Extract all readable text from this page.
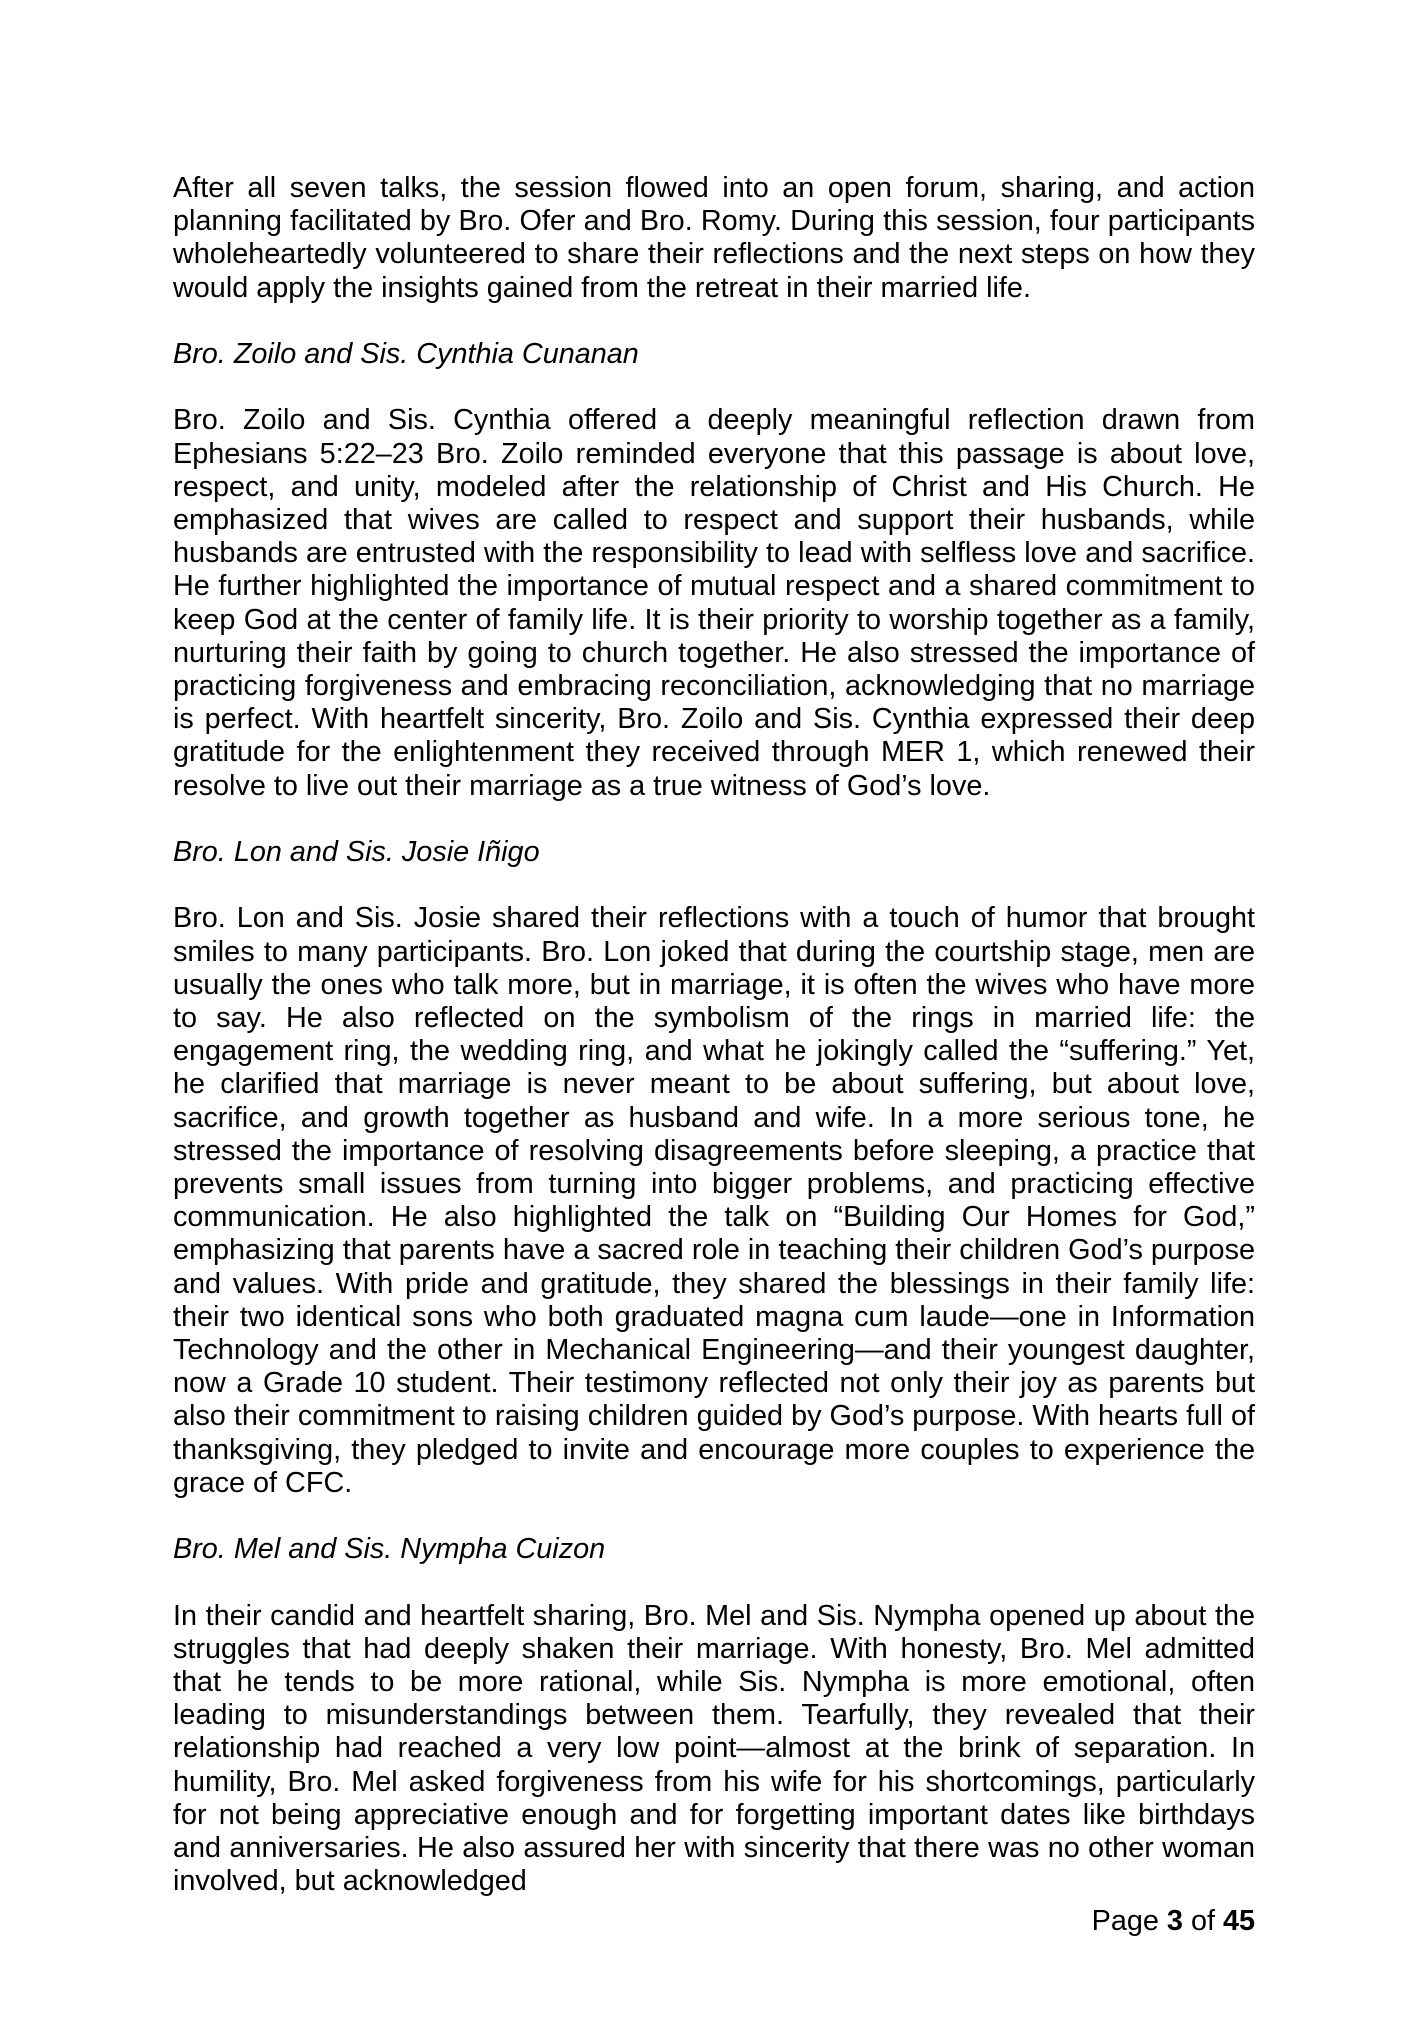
After all seven talks, the session flowed into an open forum, sharing, and action planning facilitated by Bro. Ofer and Bro. Romy. During this session, four participants wholeheartedly volunteered to share their reflections and the next steps on how they would apply the insights gained from the retreat in their married life.

Bro. Zoilo and Sis. Cynthia Cunanan

Bro. Zoilo and Sis. Cynthia offered a deeply meaningful reflection drawn from Ephesians 5:22–23 Bro. Zoilo reminded everyone that this passage is about love, respect, and unity, modeled after the relationship of Christ and His Church. He emphasized that wives are called to respect and support their husbands, while husbands are entrusted with the responsibility to lead with selfless love and sacrifice. He further highlighted the importance of mutual respect and a shared commitment to keep God at the center of family life. It is their priority to worship together as a family, nurturing their faith by going to church together. He also stressed the importance of practicing forgiveness and embracing reconciliation, acknowledging that no marriage is perfect. With heartfelt sincerity, Bro. Zoilo and Sis. Cynthia expressed their deep gratitude for the enlightenment they received through MER 1, which renewed their resolve to live out their marriage as a true witness of God’s love.

Bro. Lon and Sis. Josie Iñigo

Bro. Lon and Sis. Josie shared their reflections with a touch of humor that brought smiles to many participants. Bro. Lon joked that during the courtship stage, men are usually the ones who talk more, but in marriage, it is often the wives who have more to say. He also reflected on the symbolism of the rings in married life: the engagement ring, the wedding ring, and what he jokingly called the “suffering.” Yet, he clarified that marriage is never meant to be about suffering, but about love, sacrifice, and growth together as husband and wife. In a more serious tone, he stressed the importance of resolving disagreements before sleeping, a practice that prevents small issues from turning into bigger problems, and practicing effective communication. He also highlighted the talk on “Building Our Homes for God,” emphasizing that parents have a sacred role in teaching their children God’s purpose and values. With pride and gratitude, they shared the blessings in their family life: their two identical sons who both graduated magna cum laude—one in Information Technology and the other in Mechanical Engineering—and their youngest daughter, now a Grade 10 student. Their testimony reflected not only their joy as parents but also their commitment to raising children guided by God’s purpose. With hearts full of thanksgiving, they pledged to invite and encourage more couples to experience the grace of CFC.

Bro. Mel and Sis. Nympha Cuizon

In their candid and heartfelt sharing, Bro. Mel and Sis. Nympha opened up about the struggles that had deeply shaken their marriage. With honesty, Bro. Mel admitted that he tends to be more rational, while Sis. Nympha is more emotional, often leading to misunderstandings between them. Tearfully, they revealed that their relationship had reached a very low point—almost at the brink of separation. In humility, Bro. Mel asked forgiveness from his wife for his shortcomings, particularly for not being appreciative enough and for forgetting important dates like birthdays and anniversaries. He also assured her with sincerity that there was no other woman involved, but acknowledged

Page 3 of 45
